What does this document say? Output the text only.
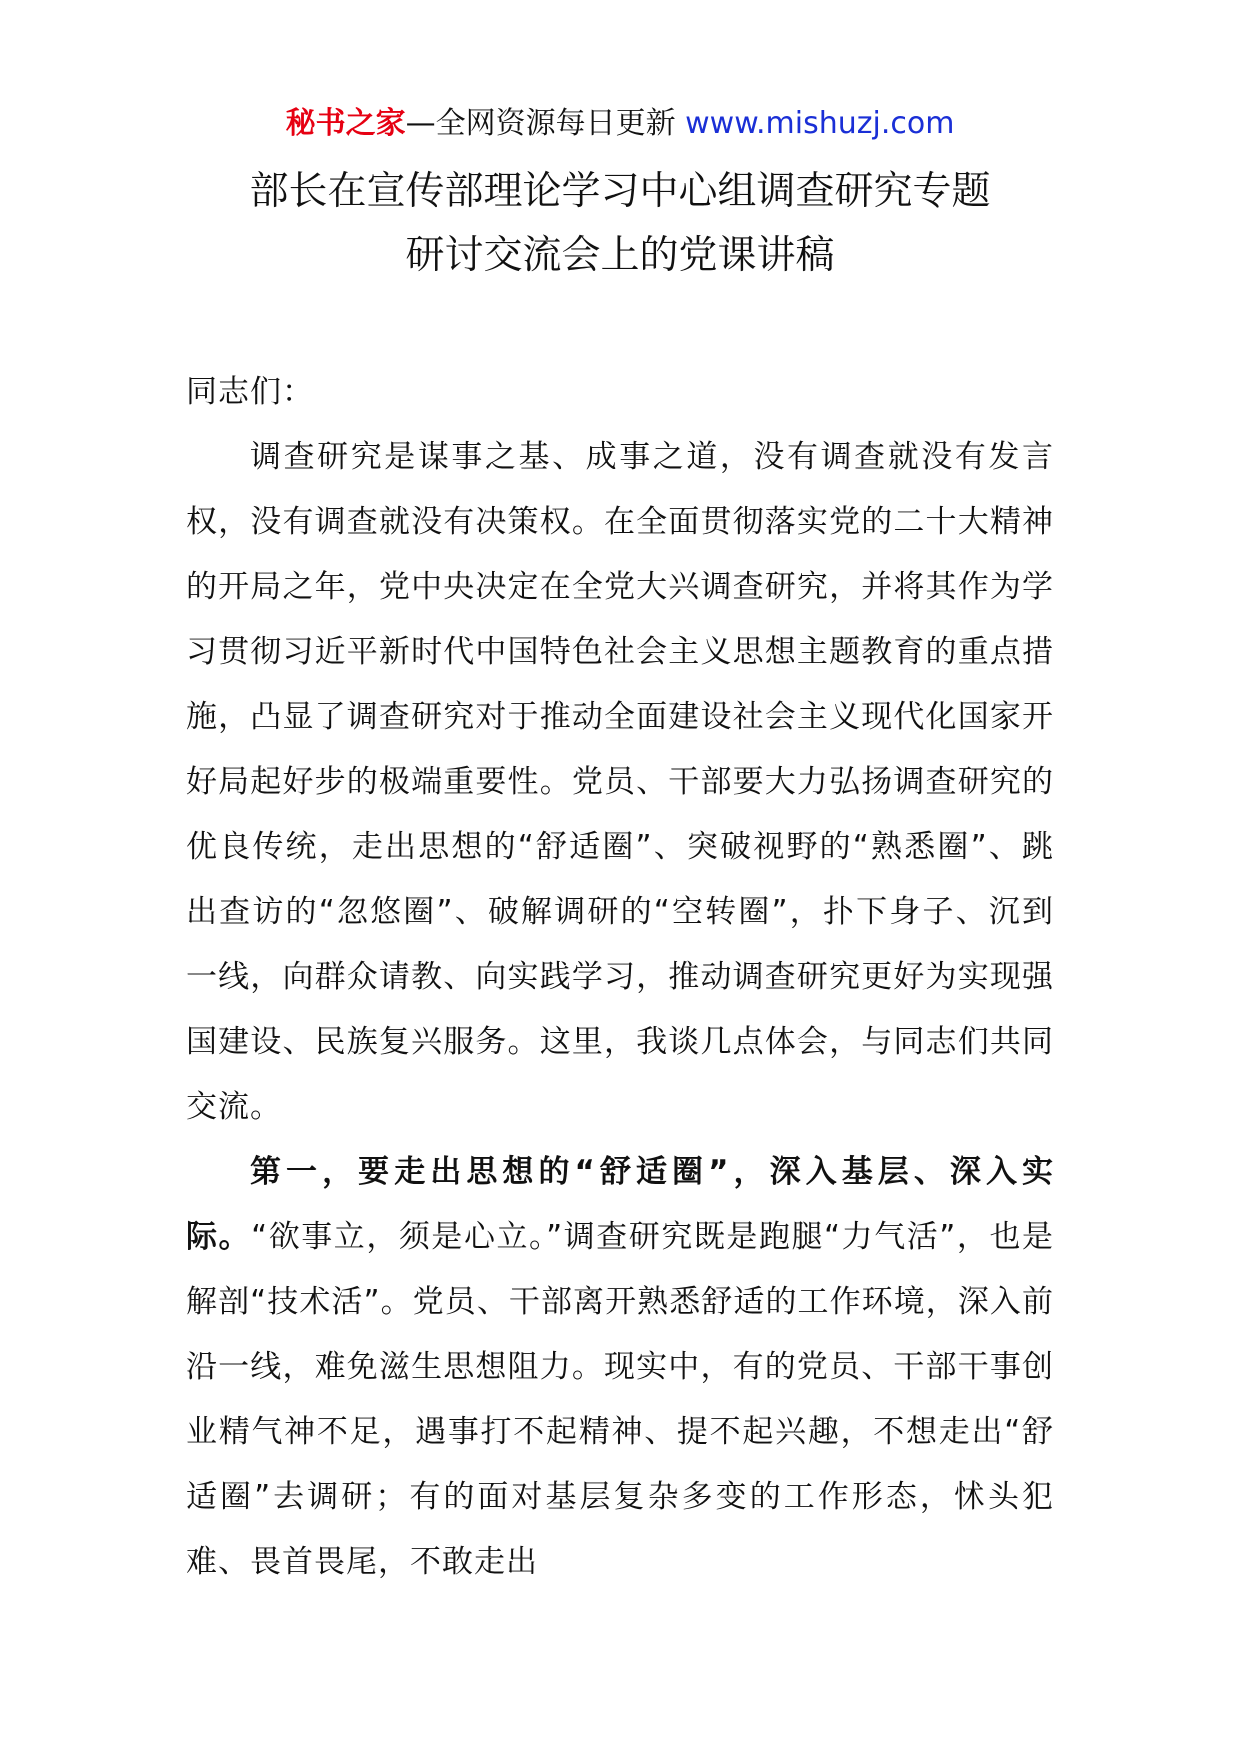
秘书之家—全网资源每日更新 www.mishuzj.com
部长在宣传部理论学习中心组调查研究专题
研讨交流会上的党课讲稿

同志们：

调查研究是谋事之基、成事之道，没有调查就没有发言权，没有调查就没有决策权。在全面贯彻落实党的二十大精神的开局之年，党中央决定在全党大兴调查研究，并将其作为学习贯彻习近平新时代中国特色社会主义思想主题教育的重点措施，凸显了调查研究对于推动全面建设社会主义现代化国家开好局起好步的极端重要性。党员、干部要大力弘扬调查研究的优良传统，走出思想的“舒适圈”、突破视野的“熟悉圈”、跳出查访的“忽悠圈”、破解调研的“空转圈”，扑下身子、沉到一线，向群众请教、向实践学习，推动调查研究更好为实现强国建设、民族复兴服务。这里，我谈几点体会，与同志们共同交流。

第一，要走出思想的“舒适圈”，深入基层、深入实际。“欲事立，须是心立。”调查研究既是跑腿“力气活”，也是解剖“技术活”。党员、干部离开熟悉舒适的工作环境，深入前沿一线，难免滋生思想阻力。现实中，有的党员、干部干事创业精气神不足，遇事打不起精神、提不起兴趣，不想走出“舒适圈”去调研；有的面对基层复杂多变的工作形态，怵头犯难、畏首畏尾，不敢走出
